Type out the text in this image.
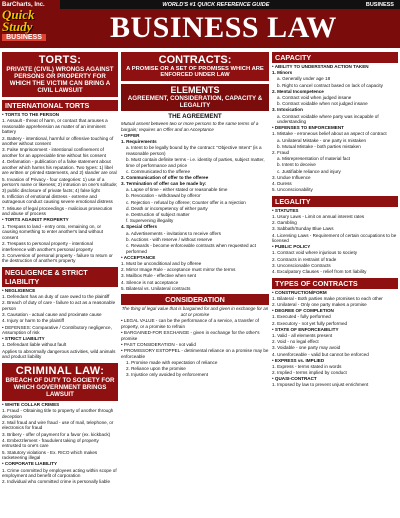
BarCharts, Inc.
Quick
Study
BUSINESS
WORLD'S #1 QUICK REFERENCE GUIDE	BUSINESS
BUSINESS LAW
TORTS:
PRIVATE (CIVIL) WRONGS AGAINST PERSONS OR PROPERTY FOR WHICH THE VICTIM CAN BRING A CIVIL LAWSUIT
INTERNATIONAL TORTS

• TORTS TO THE PERSON

1. Assault - threat of harm, or contact that arouses a reasonable apprehension as matter of an imminent battery

2. Battery - intentional, harmful or offensive touching of another without consent

3. False Imprisonment - intentional confinement of another for an appreciable time without his consent

4. Defamation - publication of a false statement about another which harms his reputation. Two types: 1) libel are written or printed statements, and 2) slander are oral

5. Invasion of Privacy - four categories: 1) use of a person's name or likeness; 2) intrusion on one's solitude; 3) public disclosure of private facts; 4) false light

6. Infliction of emotional distress - extreme and outrageous conduct causing severe emotional distress

7. Misuse of legal proceedings - malicious prosecution and abuse of process

• TORTS AGAINST PROPERTY

1. Trespass to land - entry onto, remaining on, or causing something to enter another's land without consent

2. Trespass to personal property - intentional interference with another's personal property

3. Conversion of personal property - failure to return or the destruction of another's property

NEGLIGENCE & STRICT LIABILITY

• NEGLIGENCE

1. Defendant has an duty of care owed to the plaintiff

2. Breach of duty of care - failure to act as a reasonable person

3. Causation - actual cause and proximate cause

4. Injury or harm to the plaintiff

• DEFENSES: Comparative / Contributory negligence, Assumption of risk

• STRICT LIABILITY

1. Defendant liable without fault

Applies to abnormally dangerous activities, wild animals and product liability

CRIMINAL LAW:
BREACH OF DUTY TO SOCIETY FOR WHICH GOVERNMENT BRINGS LAWSUIT

• WHITE COLLAR CRIMES

1. Fraud - Obtaining title to property of another through deception

2. Mail fraud and wire fraud - use of mail, telephone, or electronics for fraud

3. Bribery - offer of payment for a favor (ex. kickback)

4. Embezzlement - fraudulent taking of property entrusted to one's care

5. Statutory violations - Ex. RICO which makes racketeering illegal

• CORPORATE LIABILITY

1. Crime committed by employees acting within scope of employment and benefit of corporation

2. Individual who committed crime is personally liable

CONTRACTS:
A PROMISE OR A SET OF PROMISES WHICH ARE ENFORCED UNDER LAW
ELEMENTS
AGREEMENT, CONSIDERATION, CAPACITY & LEGALITY
THE AGREEMENT

Mutual assent between two or more persons to the same terms of a bargain; requires an Offer and an Acceptance

• OFFER

1. Requirements

a. Intent to be legally bound by the contract: "Objective Intent" (is a reasonable person)

b. Must contain definite terms - i.e. identity of parties, subject matter, time of performance and price

c. Communicated to the offeree

2. Communication of offer to the offeree

3. Termination of offer can be made by:

a. Lapse of time - either stated or reasonable time

b. Revocation - withdrawal by offeror

c. Rejection - refusal by offeree; Counter offer is a rejection

d. Death or incompetency of either party

e. Destruction of subject matter

f. Supervening illegality

4. Special Offers

a. Advertisements - invitations to receive offers

b. Auctions - with reserve / without reserve

c. Rewards - become enforceable contracts when requested act performed

• ACCEPTANCE

1. Must be unconditional and by offeree

2. Mirror Image Rule - acceptance must mirror the terms

3. Mailbox Rule - effective when sent

4. Silence is not acceptance

5. Bilateral vs. Unilateral contracts

CONSIDERATION
The thing of legal value that is bargained for and given in exchange for an act or promise

• LEGAL VALUE - can be the performance of a service, a transfer of property, or a promise to refrain

• BARGAINED-FOR EXCHANGE - given in exchange for the other's promise

• PAST CONSIDERATION - not valid

• PROMISSORY ESTOPPEL - detrimental reliance on a promise may be enforceable

1. Promise made with expectation of reliance

2. Reliance upon the promise

3. Injustice only avoided by enforcement

CAPACITY

• ABILITY TO UNDERSTAND ACTION TAKEN

1. Minors

a. Generally under age 18

b. Right to cancel contract based on lack of capacity

2. Mental Incompetence

a. Contract void when judged insane

b. Contract voidable when not judged insane

3. Intoxication

a. Contract voidable where party was incapable of understanding

• DEFENSES TO ENFORCEMENT

1. Mistake - erroneous belief about an aspect of contract

a. Unilateral Mistake - one party is mistaken

b. Mutual Mistake - both parties mistaken

2. Fraud

a. Misrepresentation of material fact

b. Intent to deceive

c. Justifiable reliance and injury

3. Undue Influence

4. Duress

5. Unconscionability

LEGALITY

• STATUTES

1. Usury Laws - Limit on annual interest rates

2. Gambling

3. Sabbath/Sunday Blue Laws

4. Licensing Laws - Requirement of certain occupations to be licensed

• PUBLIC POLICY

1. Contract void where injurious to society

2. Contracts in restraint of trade

3. Unconscionable Contracts

4. Exculpatory Clauses - relief from tort liability

TYPES OF CONTRACTS

• CONSTRUCTION/FORM

1. Bilateral - Both parties make promises to each other

2. Unilateral - Only one party makes a promise

• DEGREE OF COMPLETION

1. Executed - fully performed

2. Executory - not yet fully performed

• STATE OF ENFORCEABILITY

1. Valid - all elements present

2. Void - no legal effect

3. Voidable - one party may avoid

4. Unenforceable - valid but cannot be enforced

• EXPRESS vs. IMPLIED

1. Express - terms stated in words

2. Implied - terms implied by conduct

• QUASI-CONTRACT

1. Imposed by law to prevent unjust enrichment
